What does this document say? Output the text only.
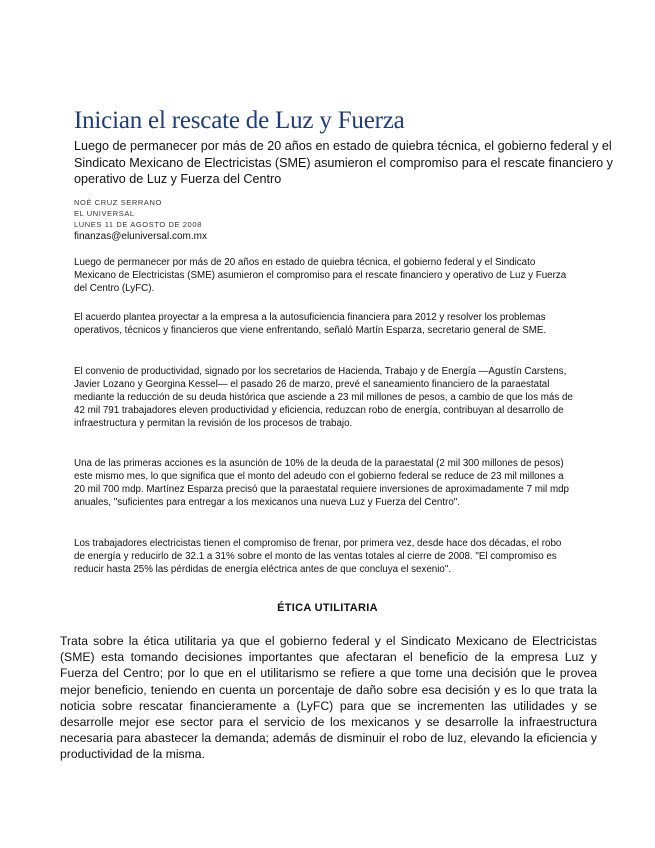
Inician el rescate de Luz y Fuerza

Luego de permanecer por más de 20 años en estado de quiebra técnica, el gobierno federal y el Sindicato Mexicano de Electricistas (SME) asumieron el compromiso para el rescate financiero y operativo de Luz y Fuerza del Centro

NOÉ CRUZ SERRANO
EL UNIVERSAL
LUNES 11 DE AGOSTO DE 2008
finanzas@eluniversal.com.mx

Luego de permanecer por más de 20 años en estado de quiebra técnica, el gobierno federal y el Sindicato Mexicano de Electricistas (SME) asumieron el compromiso para el rescate financiero y operativo de Luz y Fuerza del Centro (LyFC).

El acuerdo plantea proyectar a la empresa a la autosuficiencia financiera para 2012 y resolver los problemas operativos, técnicos y financieros que viene enfrentando, señaló Martín Esparza, secretario general de SME.

El convenio de productividad, signado por los secretarios de Hacienda, Trabajo y de Energía —Agustín Carstens, Javier Lozano y Georgina Kessel— el pasado 26 de marzo, prevé el saneamiento financiero de la paraestatal mediante la reducción de su deuda histórica que asciende a 23 mil millones de pesos, a cambio de que los más de 42 mil 791 trabajadores eleven productividad y eficiencia, reduzcan robo de energía, contribuyan al desarrollo de infraestructura y permitan la revisión de los procesos de trabajo.

Una de las primeras acciones es la asunción de 10% de la deuda de la paraestatal (2 mil 300 millones de pesos) este mismo mes, lo que significa que el monto del adeudo con el gobierno federal se reduce de 23 mil millones a 20 mil 700 mdp. Martínez Esparza precisó que la paraestatal requiere inversiones de aproximadamente 7 mil mdp anuales, "suficientes para entregar a los mexicanos una nueva Luz y Fuerza del Centro".

Los trabajadores electricistas tienen el compromiso de frenar, por primera vez, desde hace dos décadas, el robo de energía y reducirlo de 32.1 a 31% sobre el monto de las ventas totales al cierre de 2008. "El compromiso es reducir hasta 25% las pérdidas de energía eléctrica antes de que concluya el sexenio".

ÉTICA UTILITARIA

Trata sobre la ética utilitaria ya que el gobierno federal y el Sindicato Mexicano de Electricistas (SME) esta tomando decisiones importantes que afectaran el beneficio de la empresa Luz y Fuerza del Centro; por lo que en el utilitarismo se refiere a que tome una decisión que le provea mejor beneficio, teniendo en cuenta un porcentaje de daño sobre esa decisión y es lo que trata la noticia sobre rescatar financieramente a (LyFC) para que se incrementen las utilidades y se desarrolle mejor ese sector para el servicio de los mexicanos y se desarrolle la infraestructura necesaria para abastecer la demanda; además de disminuir el robo de luz, elevando la eficiencia y productividad de la misma.
